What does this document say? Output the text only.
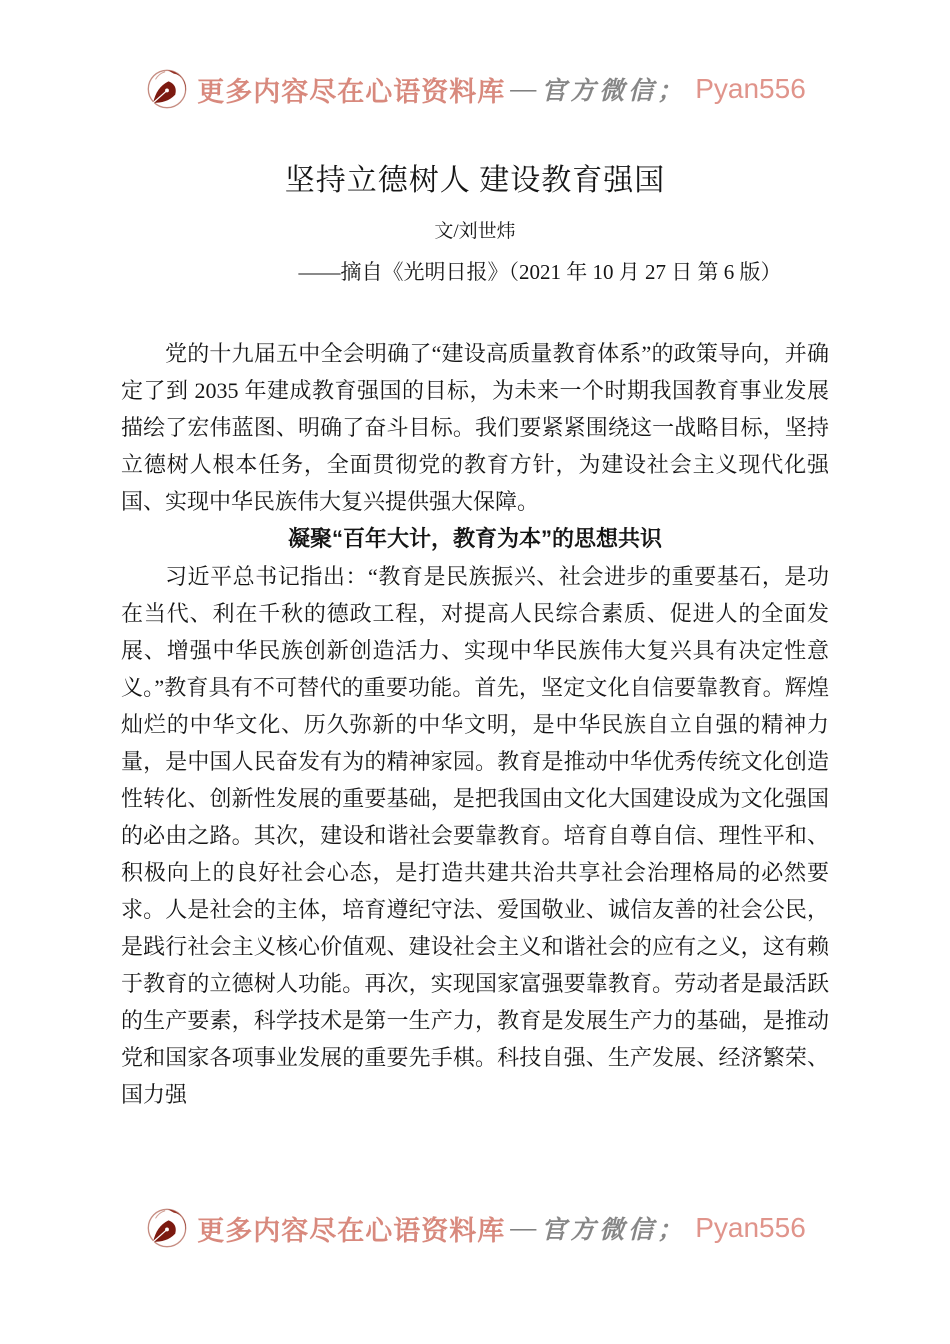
更多内容尽在心语资料库 — 官方微信； Pyan556
坚持立德树人 建设教育强国
文/刘世炜
——摘自《光明日报》（2021 年 10 月 27 日 第 6 版）

党的十九届五中全会明确了“建设高质量教育体系”的政策导向，并确定了到 2035 年建成教育强国的目标，为未来一个时期我国教育事业发展描绘了宏伟蓝图、明确了奋斗目标。我们要紧紧围绕这一战略目标，坚持立德树人根本任务，全面贯彻党的教育方针，为建设社会主义现代化强国、实现中华民族伟大复兴提供强大保障。

凝聚“百年大计，教育为本”的思想共识

习近平总书记指出：“教育是民族振兴、社会进步的重要基石，是功在当代、利在千秋的德政工程，对提高人民综合素质、促进人的全面发展、增强中华民族创新创造活力、实现中华民族伟大复兴具有决定性意义。”教育具有不可替代的重要功能。首先，坚定文化自信要靠教育。辉煌灿烂的中华文化、历久弥新的中华文明，是中华民族自立自强的精神力量，是中国人民奋发有为的精神家园。教育是推动中华优秀传统文化创造性转化、创新性发展的重要基础，是把我国由文化大国建设成为文化强国的必由之路。其次，建设和谐社会要靠教育。培育自尊自信、理性平和、积极向上的良好社会心态，是打造共建共治共享社会治理格局的必然要求。人是社会的主体，培育遵纪守法、爱国敬业、诚信友善的社会公民，是践行社会主义核心价值观、建设社会主义和谐社会的应有之义，这有赖于教育的立德树人功能。再次，实现国家富强要靠教育。劳动者是最活跃的生产要素，科学技术是第一生产力，教育是发展生产力的基础，是推动党和国家各项事业发展的重要先手棋。科技自强、生产发展、经济繁荣、国力强

更多内容尽在心语资料库 — 官方微信； Pyan556
